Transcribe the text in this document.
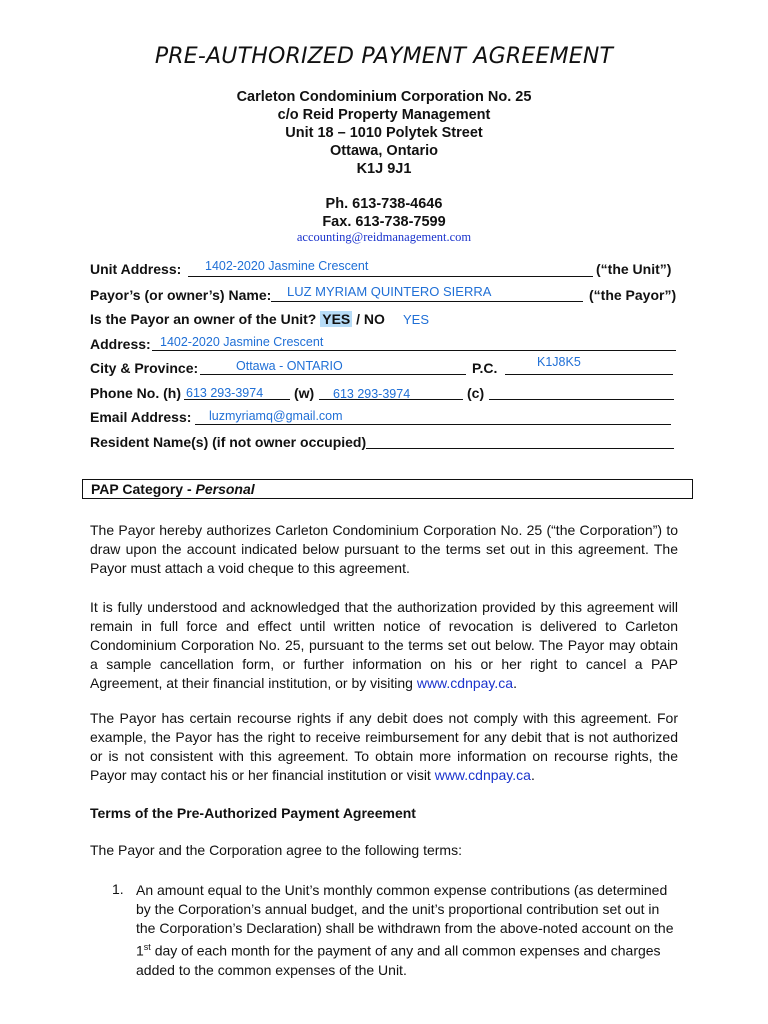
PRE-AUTHORIZED PAYMENT AGREEMENT
Carleton Condominium Corporation No. 25
c/o Reid Property Management
Unit 18 – 1010 Polytek Street
Ottawa, Ontario
K1J 9J1
Ph. 613-738-4646
Fax. 613-738-7599
accounting@reidmanagement.com
Unit Address: 1402-2020 Jasmine Crescent	(“the Unit”)
Payor’s (or owner’s) Name: LUZ MYRIAM QUINTERO SIERRA	(“the Payor”)
Is the Payor an owner of the Unit? YES / NO YES
Address: 1402-2020 Jasmine Crescent
City & Province:	Ottawa - ONTARIO	P.C.	K1J8K5
Phone No. (h) 613 293-3974 (w) 613 293-3974	(c)
Email Address: luzmyriamq@gmail.com
Resident Name(s) (if not owner occupied)
PAP Category - Personal
The Payor hereby authorizes Carleton Condominium Corporation No. 25 (“the Corporation”) to draw upon the account indicated below pursuant to the terms set out in this agreement. The Payor must attach a void cheque to this agreement.
It is fully understood and acknowledged that the authorization provided by this agreement will remain in full force and effect until written notice of revocation is delivered to Carleton Condominium Corporation No. 25, pursuant to the terms set out below. The Payor may obtain a sample cancellation form, or further information on his or her right to cancel a PAP Agreement, at their financial institution, or by visiting www.cdnpay.ca.
The Payor has certain recourse rights if any debit does not comply with this agreement. For example, the Payor has the right to receive reimbursement for any debit that is not authorized or is not consistent with this agreement. To obtain more information on recourse rights, the Payor may contact his or her financial institution or visit www.cdnpay.ca.
Terms of the Pre-Authorized Payment Agreement
The Payor and the Corporation agree to the following terms:
1. An amount equal to the Unit’s monthly common expense contributions (as determined by the Corporation’s annual budget, and the unit’s proportional contribution set out in the Corporation’s Declaration) shall be withdrawn from the above-noted account on the 1st day of each month for the payment of any and all common expenses and charges added to the common expenses of the Unit.
